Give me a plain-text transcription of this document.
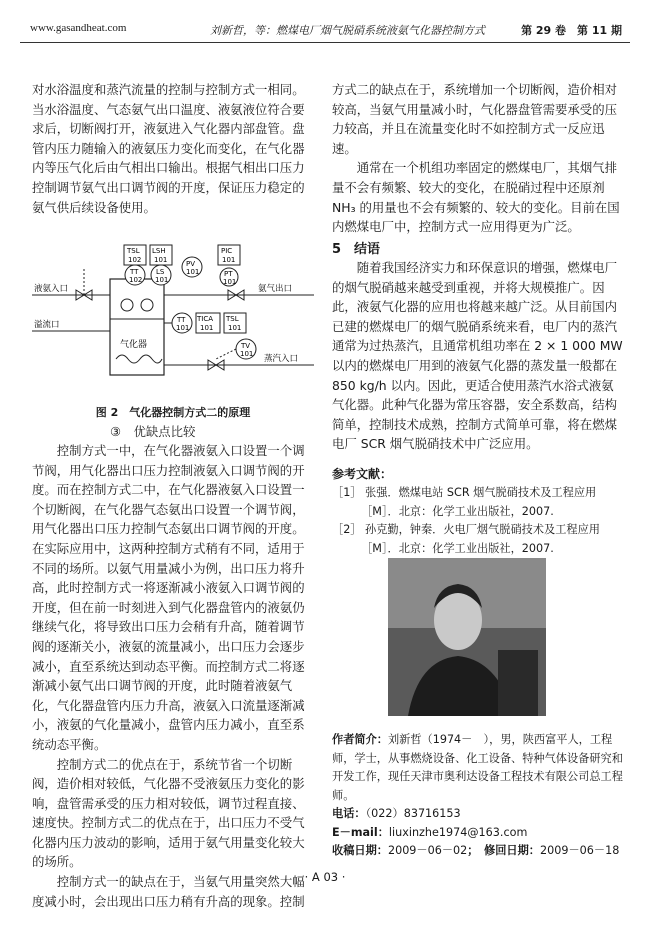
www.gasandheat.com	刘新哲，等：燃煤电厂烟气脱硝系统液氨气化器控制方式	第 29 卷　第 11 期

对水浴温度和蒸汽流量的控制与控制方式一相同。当水浴温度、气态氨气出口温度、液氨液位符合要求后，切断阀打开，液氨进入气化器内部盘管。盘管内压力随输入的液氨压力变化而变化，在气化器内等压气化后由气相出口输出。根据气相出口压力控制调节氨气出口调节阀的开度，保证压力稳定的氨气供后续设备使用。

气化器
液氨入口
溢流口
氨气出口
蒸汽入口
TSL
102
LSH
101
TT
102
LS
101
PV
101
PIC
101
PT
101
TT
101
TICA
101
TSL
101
TV
101
图 2　气化器控制方式二的原理
③　优缺点比较

控制方式一中，在气化器液氨入口设置一个调节阀，用气化器出口压力控制液氨入口调节阀的开度。而在控制方式二中，在气化器液氨入口设置一个切断阀，在气化器气态氨出口设置一个调节阀，用气化器出口压力控制气态氨出口调节阀的开度。在实际应用中，这两种控制方式稍有不同，适用于不同的场所。以氨气用量减小为例，出口压力将升高，此时控制方式一将逐渐减小液氨入口调节阀的开度，但在前一时刻进入到气化器盘管内的液氨仍继续气化，将导致出口压力会稍有升高，随着调节阀的逐渐关小，液氨的流量减小，出口压力会逐步减小，直至系统达到动态平衡。而控制方式二将逐渐减小氨气出口调节阀的开度，此时随着液氨气化，气化器盘管内压力升高，液氨入口流量逐渐减小，液氨的气化量减小，盘管内压力减小，直至系统动态平衡。

控制方式二的优点在于，系统节省一个切断阀，造价相对较低，气化器不受液氨压力变化的影响，盘管需承受的压力相对较低，调节过程直接、速度快。控制方式二的优点在于，出口压力不受气化器内压力波动的影响，适用于氨气用量变化较大的场所。

控制方式一的缺点在于，当氨气用量突然大幅度减小时，会出现出口压力稍有升高的现象。控制

方式二的缺点在于，系统增加一个切断阀，造价相对较高，当氨气用量减小时，气化器盘管需要承受的压力较高，并且在流量变化时不如控制方式一反应迅速。

通常在一个机组功率固定的燃煤电厂，其烟气排量不会有频繁、较大的变化，在脱硝过程中还原剂 NH₃ 的用量也不会有频繁的、较大的变化。目前在国内燃煤电厂中，控制方式一应用得更为广泛。

5　结语

随着我国经济实力和环保意识的增强，燃煤电厂的烟气脱硝越来越受到重视，并将大规模推广。因此，液氨气化器的应用也将越来越广泛。从目前国内已建的燃煤电厂的烟气脱硝系统来看，电厂内的蒸汽通常为过热蒸汽，且通常机组功率在 2 × 1 000 MW 以内的燃煤电厂用到的液氨气化器的蒸发量一般都在 850 kg/h 以内。因此，更适合使用蒸汽水浴式液氨气化器。此种气化器为常压容器，安全系数高，结构简单，控制技术成熟，控制方式简单可靠，将在燃煤电厂 SCR 烟气脱硝技术中广泛应用。

参考文献：
［1］ 张强．燃煤电站 SCR 烟气脱硝技术及工程应用［M］．北京：化学工业出版社，2007.
［2］ 孙克勤，钟秦．火电厂烟气脱硝技术及工程应用［M］．北京：化学工业出版社，2007.
作者简介：刘新哲（1974－　），男，陕西富平人，工程师，学士，从事燃烧设备、化工设备、特种气体设备研究和开发工作，现任天津市奥利达设备工程技术有限公司总工程师。
电话：（022）83716153
E－mail：liuxinzhe1974@163.com
收稿日期：2009－06－02；　修回日期：2009－06－18
· A 03 ·
